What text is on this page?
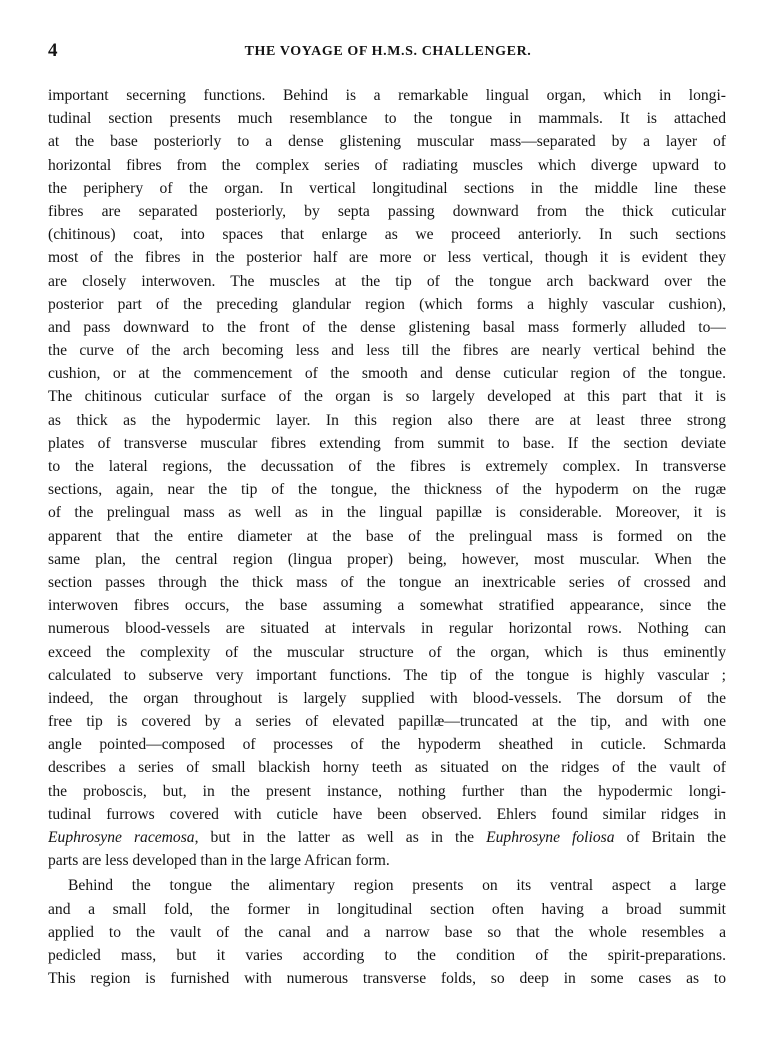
4	THE VOYAGE OF H.M.S. CHALLENGER.
important secerning functions. Behind is a remarkable lingual organ, which in longi-
tudinal section presents much resemblance to the tongue in mammals. It is attached
at the base posteriorly to a dense glistening muscular mass—separated by a layer of
horizontal fibres from the complex series of radiating muscles which diverge upward to
the periphery of the organ. In vertical longitudinal sections in the middle line these
fibres are separated posteriorly, by septa passing downward from the thick cuticular
(chitinous) coat, into spaces that enlarge as we proceed anteriorly. In such sections
most of the fibres in the posterior half are more or less vertical, though it is evident they
are closely interwoven. The muscles at the tip of the tongue arch backward over the
posterior part of the preceding glandular region (which forms a highly vascular cushion),
and pass downward to the front of the dense glistening basal mass formerly alluded to—
the curve of the arch becoming less and less till the fibres are nearly vertical behind the
cushion, or at the commencement of the smooth and dense cuticular region of the tongue.
The chitinous cuticular surface of the organ is so largely developed at this part that it is
as thick as the hypodermic layer. In this region also there are at least three strong
plates of transverse muscular fibres extending from summit to base. If the section deviate
to the lateral regions, the decussation of the fibres is extremely complex. In transverse
sections, again, near the tip of the tongue, the thickness of the hypoderm on the rugæ
of the prelingual mass as well as in the lingual papillæ is considerable. Moreover, it is
apparent that the entire diameter at the base of the prelingual mass is formed on the
same plan, the central region (lingua proper) being, however, most muscular. When the
section passes through the thick mass of the tongue an inextricable series of crossed and
interwoven fibres occurs, the base assuming a somewhat stratified appearance, since the
numerous blood-vessels are situated at intervals in regular horizontal rows. Nothing can
exceed the complexity of the muscular structure of the organ, which is thus eminently
calculated to subserve very important functions. The tip of the tongue is highly vascular ;
indeed, the organ throughout is largely supplied with blood-vessels. The dorsum of the
free tip is covered by a series of elevated papillæ—truncated at the tip, and with one
angle pointed—composed of processes of the hypoderm sheathed in cuticle. Schmarda
describes a series of small blackish horny teeth as situated on the ridges of the vault of
the proboscis, but, in the present instance, nothing further than the hypodermic longi-
tudinal furrows covered with cuticle have been observed. Ehlers found similar ridges in
Euphrosyne racemosa, but in the latter as well as in the Euphrosyne foliosa of Britain the
parts are less developed than in the large African form.
Behind the tongue the alimentary region presents on its ventral aspect a large
and a small fold, the former in longitudinal section often having a broad summit
applied to the vault of the canal and a narrow base so that the whole resembles a
pedicled mass, but it varies according to the condition of the spirit-preparations.
This region is furnished with numerous transverse folds, so deep in some cases as to
